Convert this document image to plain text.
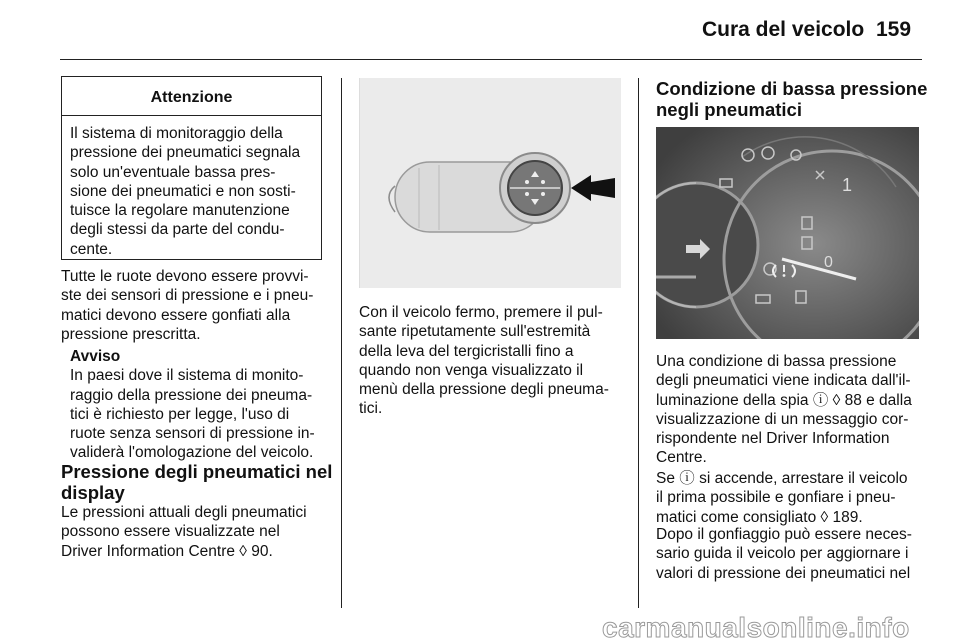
Cura del veicolo 159
Attenzione
Il sistema di monitoraggio della
pressione dei pneumatici segnala
solo un'eventuale bassa pres-
sione dei pneumatici e non sosti-
tuisce la regolare manutenzione
degli stessi da parte del condu-
cente.
Tutte le ruote devono essere provvi-
ste dei sensori di pressione e i pneu-
matici devono essere gonfiati alla
pressione prescritta.
Avviso
In paesi dove il sistema di monito-
raggio della pressione dei pneuma-
tici è richiesto per legge, l'uso di
ruote senza sensori di pressione in-
validerà l'omologazione del veicolo.
Pressione degli pneumatici nel
display
Le pressioni attuali degli pneumatici
possono essere visualizzate nel
Driver Information Centre ◊ 90.
Con il veicolo fermo, premere il pul-
sante ripetutamente sull'estremità
della leva del tergicristalli fino a
quando non venga visualizzato il
menù della pressione degli pneuma-
tici.
Condizione di bassa pressione
negli pneumatici
1
0
Una condizione di bassa pressione
degli pneumatici viene indicata dall'il-
luminazione della spia ⓘ ◊ 88 e dalla
visualizzazione di un messaggio cor-
rispondente nel Driver Information
Centre.
Se ⓘ si accende, arrestare il veicolo
il prima possibile e gonfiare i pneu-
matici come consigliato ◊ 189.
Dopo il gonfiaggio può essere neces-
sario guida il veicolo per aggiornare i
valori di pressione dei pneumatici nel
carmanualsonline.info
